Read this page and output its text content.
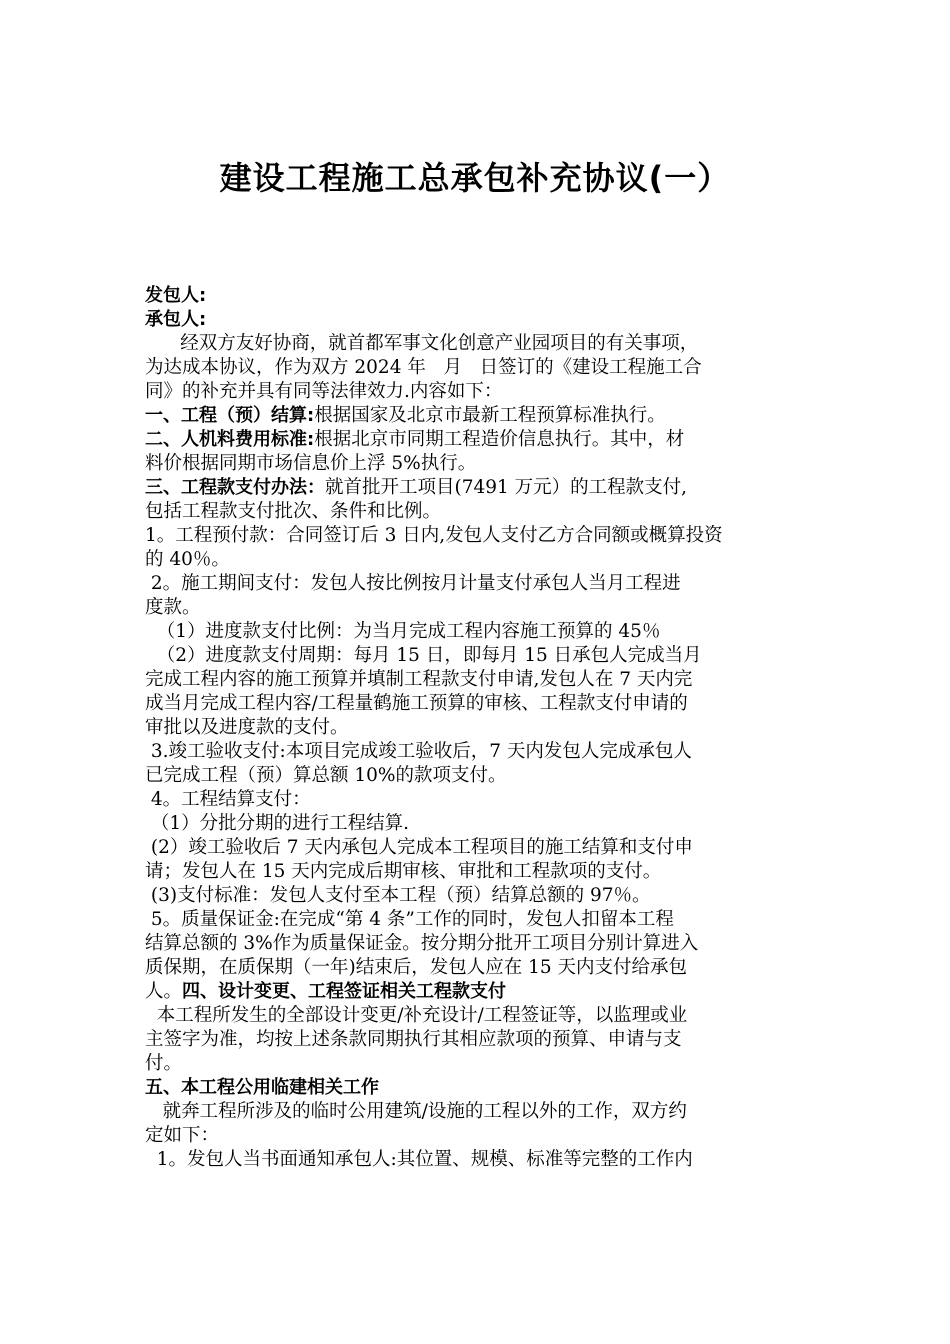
建设工程施工总承包补充协议(一）
发包人:
承包人:
经双方友好协商，就首都军事文化创意产业园项目的有关事项，
为达成本协议，作为双方 2024 年   月   日签订的《建设工程施工合
同》的补充并具有同等法律效力.内容如下：
一、工程（预）结算:根据国家及北京市最新工程预算标准执行。
二、人机料费用标准:根据北京市同期工程造价信息执行。其中，材
料价根据同期市场信息价上浮 5%执行。
三、工程款支付办法：就首批开工项目(7491 万元）的工程款支付,
包括工程款支付批次、条件和比例。
1。工程预付款：合同签订后 3 日内,发包人支付乙方合同额或概算投资
的 40％。
2。施工期间支付：发包人按比例按月计量支付承包人当月工程进
度款。
（1）进度款支付比例：为当月完成工程内容施工预算的 45％
（2）进度款支付周期：每月 15 日，即每月 15 日承包人完成当月
完成工程内容的施工预算并填制工程款支付申请,发包人在 7 天内完
成当月完成工程内容/工程量鹤施工预算的审核、工程款支付申请的
审批以及进度款的支付。
3.竣工验收支付:本项目完成竣工验收后，7 天内发包人完成承包人
已完成工程（预）算总额 10%的款项支付。
4。工程结算支付：
（1）分批分期的进行工程结算.
(2）竣工验收后 7 天内承包人完成本工程项目的施工结算和支付申
请；发包人在 15 天内完成后期审核、审批和工程款项的支付。
(3)支付标准：发包人支付至本工程（预）结算总额的 97％。
5。质量保证金:在完成“第 4 条”工作的同时，发包人扣留本工程
结算总额的 3%作为质量保证金。按分期分批开工项目分别计算进入
质保期，在质保期（一年)结束后，发包人应在 15 天内支付给承包
人。四、设计变更、工程签证相关工程款支付
本工程所发生的全部设计变更/补充设计/工程签证等，以监理或业
主签字为准，均按上述条款同期执行其相应款项的预算、申请与支
付。
五、本工程公用临建相关工作
就奔工程所涉及的临时公用建筑/设施的工程以外的工作，双方约
定如下：
1。发包人当书面通知承包人:其位置、规模、标准等完整的工作内
